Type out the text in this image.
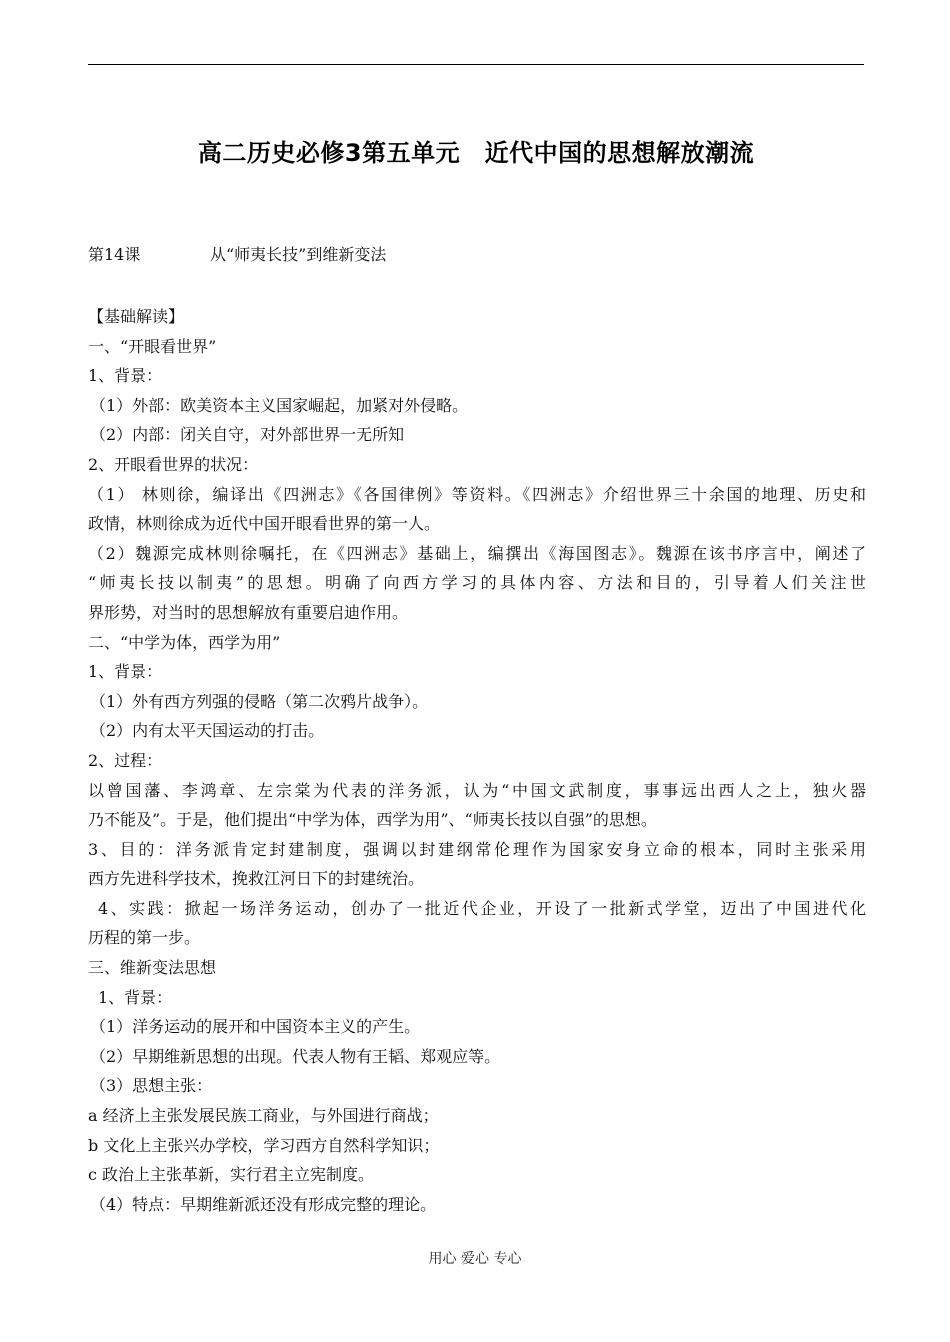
高二历史必修3第五单元　近代中国的思想解放潮流
第14课	从“师夷长技”到维新变法
【基础解读】
一、“开眼看世界”
1、背景：
（1）外部：欧美资本主义国家崛起，加紧对外侵略。
（2）内部：闭关自守，对外部世界一无所知
2、开眼看世界的状况：
（1） 林则徐，编译出《四洲志》《各国律例》等资料。《四洲志》介绍世界三十余国的地理、历史和
政情，林则徐成为近代中国开眼看世界的第一人。
（2）魏源完成林则徐嘱托，在《四洲志》基础上，编撰出《海国图志》。魏源在该书序言中，阐述了
“师夷长技以制夷”的思想。明确了向西方学习的具体内容、方法和目的，引导着人们关注世
界形势，对当时的思想解放有重要启迪作用。
二、“中学为体，西学为用”
1、背景：
（1）外有西方列强的侵略（第二次鸦片战争）。
（2）内有太平天国运动的打击。
2、过程：
以曾国藩、李鸿章、左宗棠为代表的洋务派，认为“中国文武制度，事事远出西人之上，独火器
乃不能及”。于是，他们提出“中学为体，西学为用”、“师夷长技以自强”的思想。
3、目的：洋务派肯定封建制度，强调以封建纲常伦理作为国家安身立命的根本，同时主张采用
西方先进科学技术，挽救江河日下的封建统治。
4、实践：掀起一场洋务运动，创办了一批近代企业，开设了一批新式学堂，迈出了中国进代化
历程的第一步。
三、维新变法思想
1、背景：
（1）洋务运动的展开和中国资本主义的产生。
（2）早期维新思想的出现。代表人物有王韬、郑观应等。
（3）思想主张：
a 经济上主张发展民族工商业，与外国进行商战；
b 文化上主张兴办学校，学习西方自然科学知识；
c 政治上主张革新，实行君主立宪制度。
（4）特点：早期维新派还没有形成完整的理论。
用心 爱心 专心
